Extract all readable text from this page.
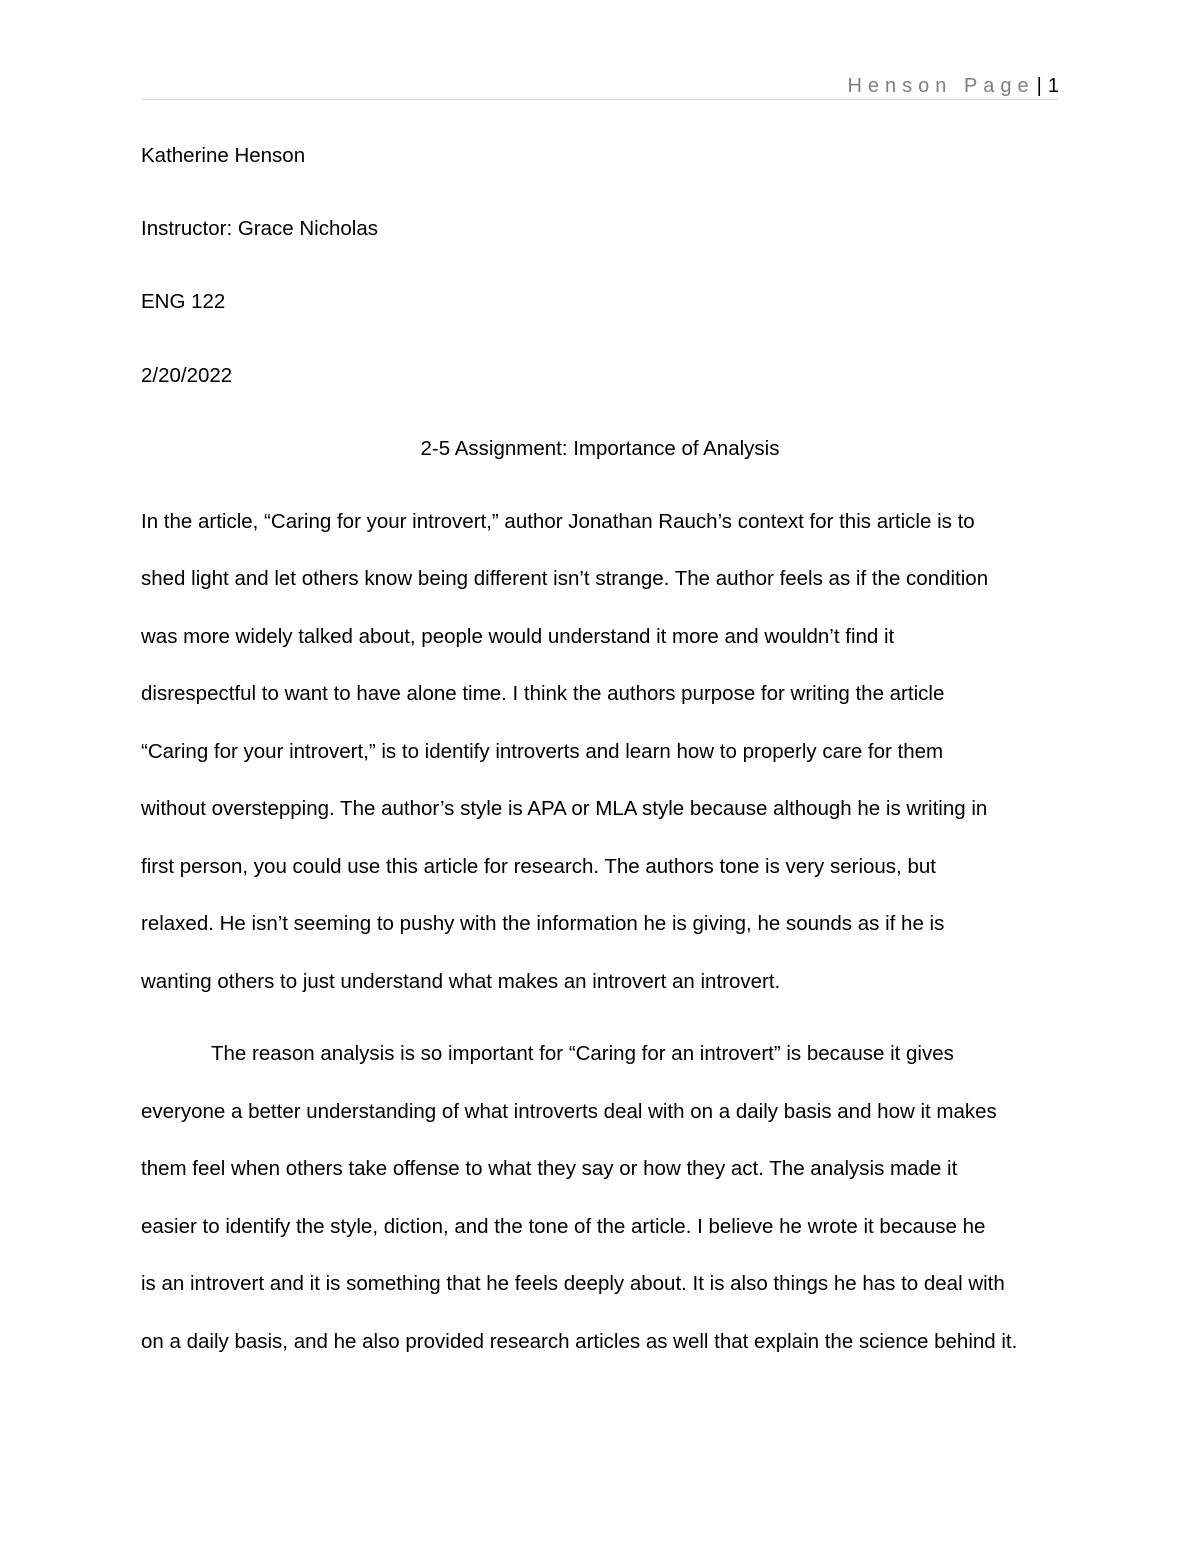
Henson Page | 1
Katherine Henson
Instructor: Grace Nicholas
ENG 122
2/20/2022
2-5 Assignment: Importance of Analysis
In the article, “Caring for your introvert,” author Jonathan Rauch’s context for this article is to
shed light and let others know being different isn’t strange. The author feels as if the condition
was more widely talked about, people would understand it more and wouldn’t find it
disrespectful to want to have alone time. I think the authors purpose for writing the article
“Caring for your introvert,” is to identify introverts and learn how to properly care for them
without overstepping. The author’s style is APA or MLA style because although he is writing in
first person, you could use this article for research. The authors tone is very serious, but
relaxed. He isn’t seeming to pushy with the information he is giving, he sounds as if he is
wanting others to just understand what makes an introvert an introvert.
The reason analysis is so important for “Caring for an introvert” is because it gives
everyone a better understanding of what introverts deal with on a daily basis and how it makes
them feel when others take offense to what they say or how they act. The analysis made it
easier to identify the style, diction, and the tone of the article. I believe he wrote it because he
is an introvert and it is something that he feels deeply about. It is also things he has to deal with
on a daily basis, and he also provided research articles as well that explain the science behind it.
